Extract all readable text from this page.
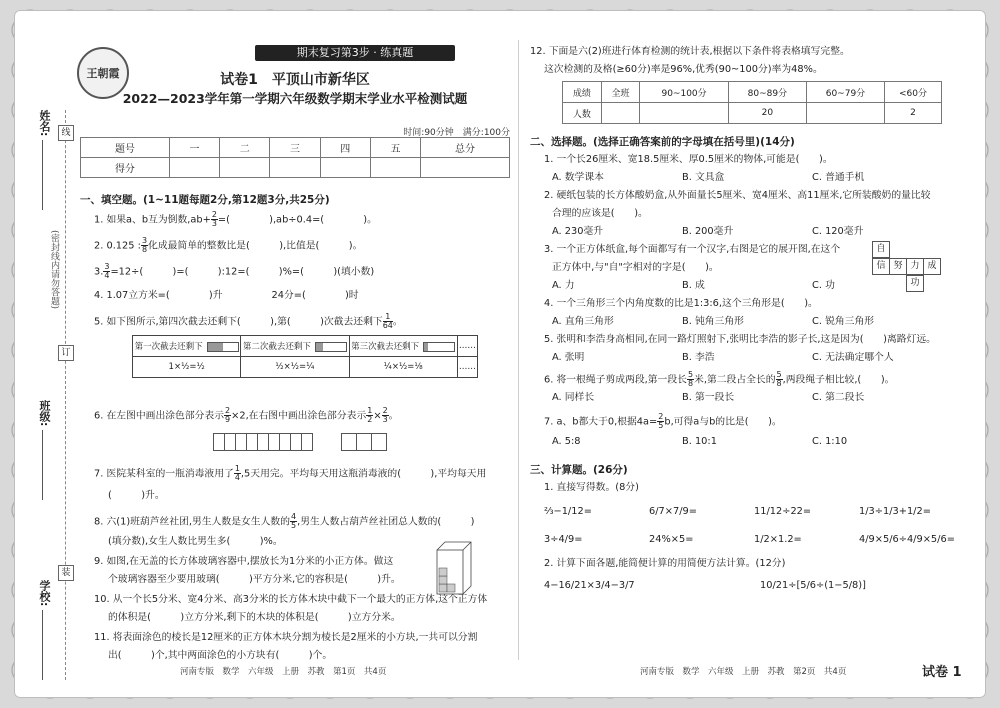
姓名:
(密封线内请勿答题)
班级:
学校:
线
订
装
王朝霞
期末复习第3步 · 练真题
试卷1　平顶山市新华区
2022—2023学年第一学期六年级数学期末学业水平检测试题
时间:90分钟　满分:100分
题号	一	二	三	四	五	总分
得分						
一、填空题。(1~11题每题2分,第12题3分,共25分)
1. 如果a、b互为倒数$,ab+ \frac{2}{3}$ =(　　　　),ab÷0.4=(　　　　)。
2. 0.125 : $\frac{3}{8}$ 化成最简单的整数比是(　　　),比值是(　　　)。
3. $\frac{3}{4} =12\div$(　　　)=(　　　):12=(　　　)%=(　　　)(填小数)
4. 1.07立方米=(　　　　)升　　　　　24分=(　　　　)时
5. 如下图所示,第四次截去还剩下(　　　),第(　　　)次截去还剩下 $\frac{1}{64}$ 。
第一次截去还剩下	第二次截去还剩下	第三次截去还剩下	……
1×½=½	½×½=¼	¼×½=⅛	……
6. 在左图中画出涂色部分表示 $\frac{2}{9} \times 2$,在右图中画出涂色部分表示 $\frac{1}{2} \times \frac{2}{3}$ 。
7. 医院某科室的一瓶消毒液用了 $\frac{1}{4} ,5$天用完。平均每天用这瓶消毒液的(　　　),平均每天用
(　　　)升。
8. 六(1)班葫芦丝社团,男生人数是女生人数的 $\frac{4}{5}$ ,男生人数占葫芦丝社团总人数的(　　　)
(填分数),女生人数比男生多(　　　)%。
9. 如图,在无盖的长方体玻璃容器中,摆放长为1分米的小正方体。做这
个玻璃容器至少要用玻璃(　　　)平方分米,它的容积是(　　　)升。
10. 从一个长5分米、宽4分米、高3分米的长方体木块中截下一个最大的正方体,这个正方体
的体积是(　　　)立方分米,剩下的木块的体积是(　　　)立方分米。
11. 将表面涂色的棱长是12厘米的正方体木块分割为棱长是2厘米的小方块,一共可以分割
出(　　　)个,其中两面涂色的小方块有(　　　)个。
12. 下面是六(2)班进行体育检测的统计表,根据以下条件将表格填写完整。
这次检测的及格(≥60分)率是96%,优秀(90~100分)率为48%。
成绩	全班	90~100分	80~89分	60~79分	<60分
人数			20		2
二、选择题。(选择正确答案前的字母填在括号里)(14分)
1. 一个长26厘米、宽18.5厘米、厚0.5厘米的物体,可能是(　　)。
A. 数学课本	B. 文具盒	C. 普通手机
2. 硬纸包装的长方体酸奶盒,从外面量长5厘米、宽4厘米、高11厘米,它所装酸奶的量比较
合理的应该是(　　)。
A. 230毫升	B. 200毫升	C. 120毫升
3. 一个正方体纸盒,每个面都写有一个汉字,右图是它的展开图,在这个
正方体中,与"自"字相对的字是(　　)。
A. 力	B. 成	C. 功
自
信 努 力 成
功
4. 一个三角形三个内角度数的比是1:3:6,这个三角形是(　　)。
A. 直角三角形	B. 钝角三角形	C. 锐角三角形
5. 张明和李浩身高相同,在同一路灯照射下,张明比李浩的影子长,这是因为(　　)离路灯远。
A. 张明	B. 李浩	C. 无法确定哪个人
6. 将一根绳子剪成两段,第一段长 $\frac{5}{8}$ 米,第二段占全长的 $\frac{5}{8}$ ,两段绳子相比较,(　　)。
A. 同样长	B. 第一段长	C. 第二段长
7. a、b都大于0,根据$4a= \frac{2}{5} b$,可得a与b的比是(　　)。
A. 5:8	B. 10:1	C. 1:10
三、计算题。(26分)
1. 直接写得数。(8分)
⅔−1/12=	6/7×7/9=	11/12÷22=	1/3÷1/3+1/2=
3÷4/9=	24%×5=	1/2×1.2=	4/9×5/6÷4/9×5/6=
2. 计算下面各题,能简便计算的用简便方法计算。(12分)
4−16/21×3/4−3/7	10/21÷[5/6÷(1−5/8)]
河南专版　数学　六年级　上册　苏教　第1页　共4页	河南专版　数学　六年级　上册　苏教　第2页　共4页	试卷 1
